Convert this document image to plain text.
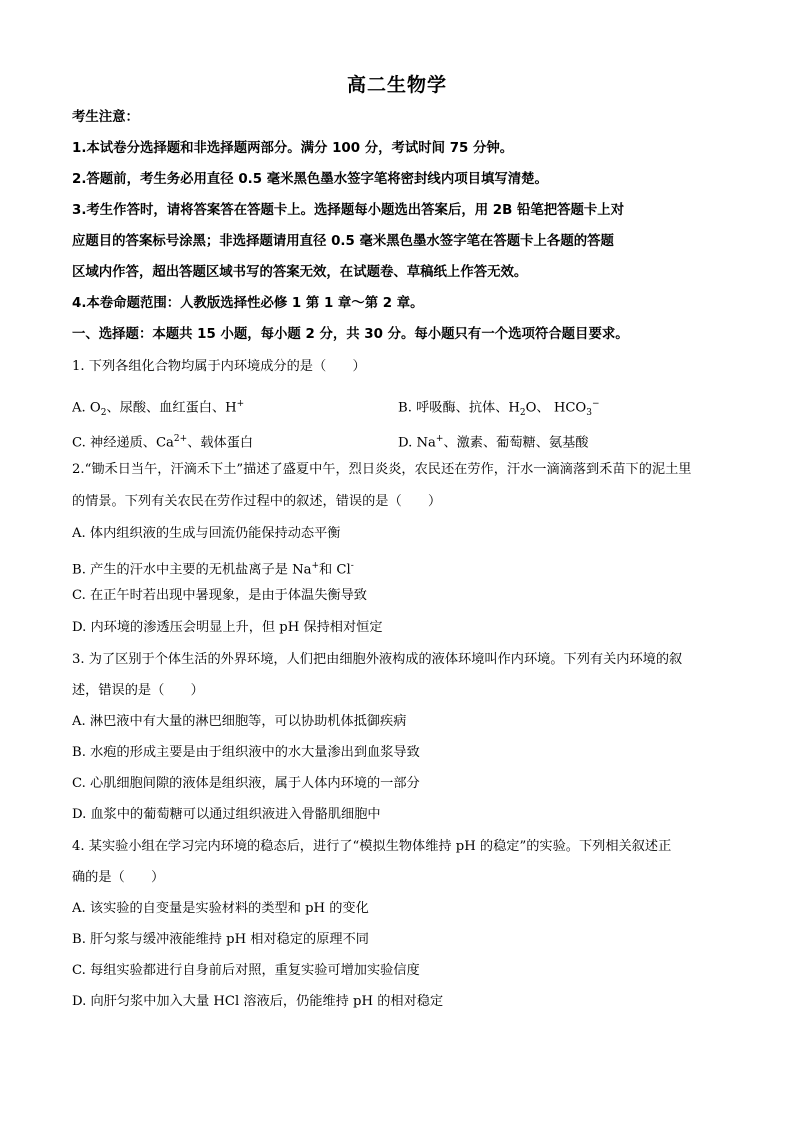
高二生物学
考生注意：
1.本试卷分选择题和非选择题两部分。满分 100 分，考试时间 75 分钟。
2.答题前，考生务必用直径 0.5 毫米黑色墨水签字笔将密封线内项目填写清楚。
3.考生作答时，请将答案答在答题卡上。选择题每小题选出答案后，用 2B 铅笔把答题卡上对
应题目的答案标号涂黑；非选择题请用直径 0.5 毫米黑色墨水签字笔在答题卡上各题的答题
区域内作答，超出答题区域书写的答案无效，在试题卷、草稿纸上作答无效。
4.本卷命题范围：人教版选择性必修 1 第 1 章～第 2 章。
一、选择题：本题共 15 小题，每小题 2 分，共 30 分。每小题只有一个选项符合题目要求。
1. 下列各组化合物均属于内环境成分的是（　　）
A. $O_2$、尿酸、血红蛋白、H+	B. 呼吸酶、抗体、$H_2O$、 $HCO_3^-$
C. 神经递质、$Ca^{2+}$、载体蛋白	D. Na+、激素、葡萄糖、氨基酸
2.“锄禾日当午，汗滴禾下土”描述了盛夏中午，烈日炎炎，农民还在劳作，汗水一滴滴落到禾苗下的泥土里
的情景。下列有关农民在劳作过程中的叙述，错误的是（　　）
A. 体内组织液的生成与回流仍能保持动态平衡
B. 产生的汗水中主要的无机盐离子是 Na+和 Cl-
C. 在正午时若出现中暑现象，是由于体温失衡导致
D. 内环境的渗透压会明显上升，但 pH 保持相对恒定
3. 为了区别于个体生活的外界环境，人们把由细胞外液构成的液体环境叫作内环境。下列有关内环境的叙
述，错误的是（　　）
A. 淋巴液中有大量的淋巴细胞等，可以协助机体抵御疾病
B. 水疱的形成主要是由于组织液中的水大量渗出到血浆导致
C. 心肌细胞间隙的液体是组织液，属于人体内环境的一部分
D. 血浆中的葡萄糖可以通过组织液进入骨骼肌细胞中
4. 某实验小组在学习完内环境的稳态后，进行了“模拟生物体维持 pH 的稳定”的实验。下列相关叙述正
确的是（　　）
A. 该实验的自变量是实验材料的类型和 pH 的变化
B. 肝匀浆与缓冲液能维持 pH 相对稳定的原理不同
C. 每组实验都进行自身前后对照，重复实验可增加实验信度
D. 向肝匀浆中加入大量 HCl 溶液后，仍能维持 pH 的相对稳定
